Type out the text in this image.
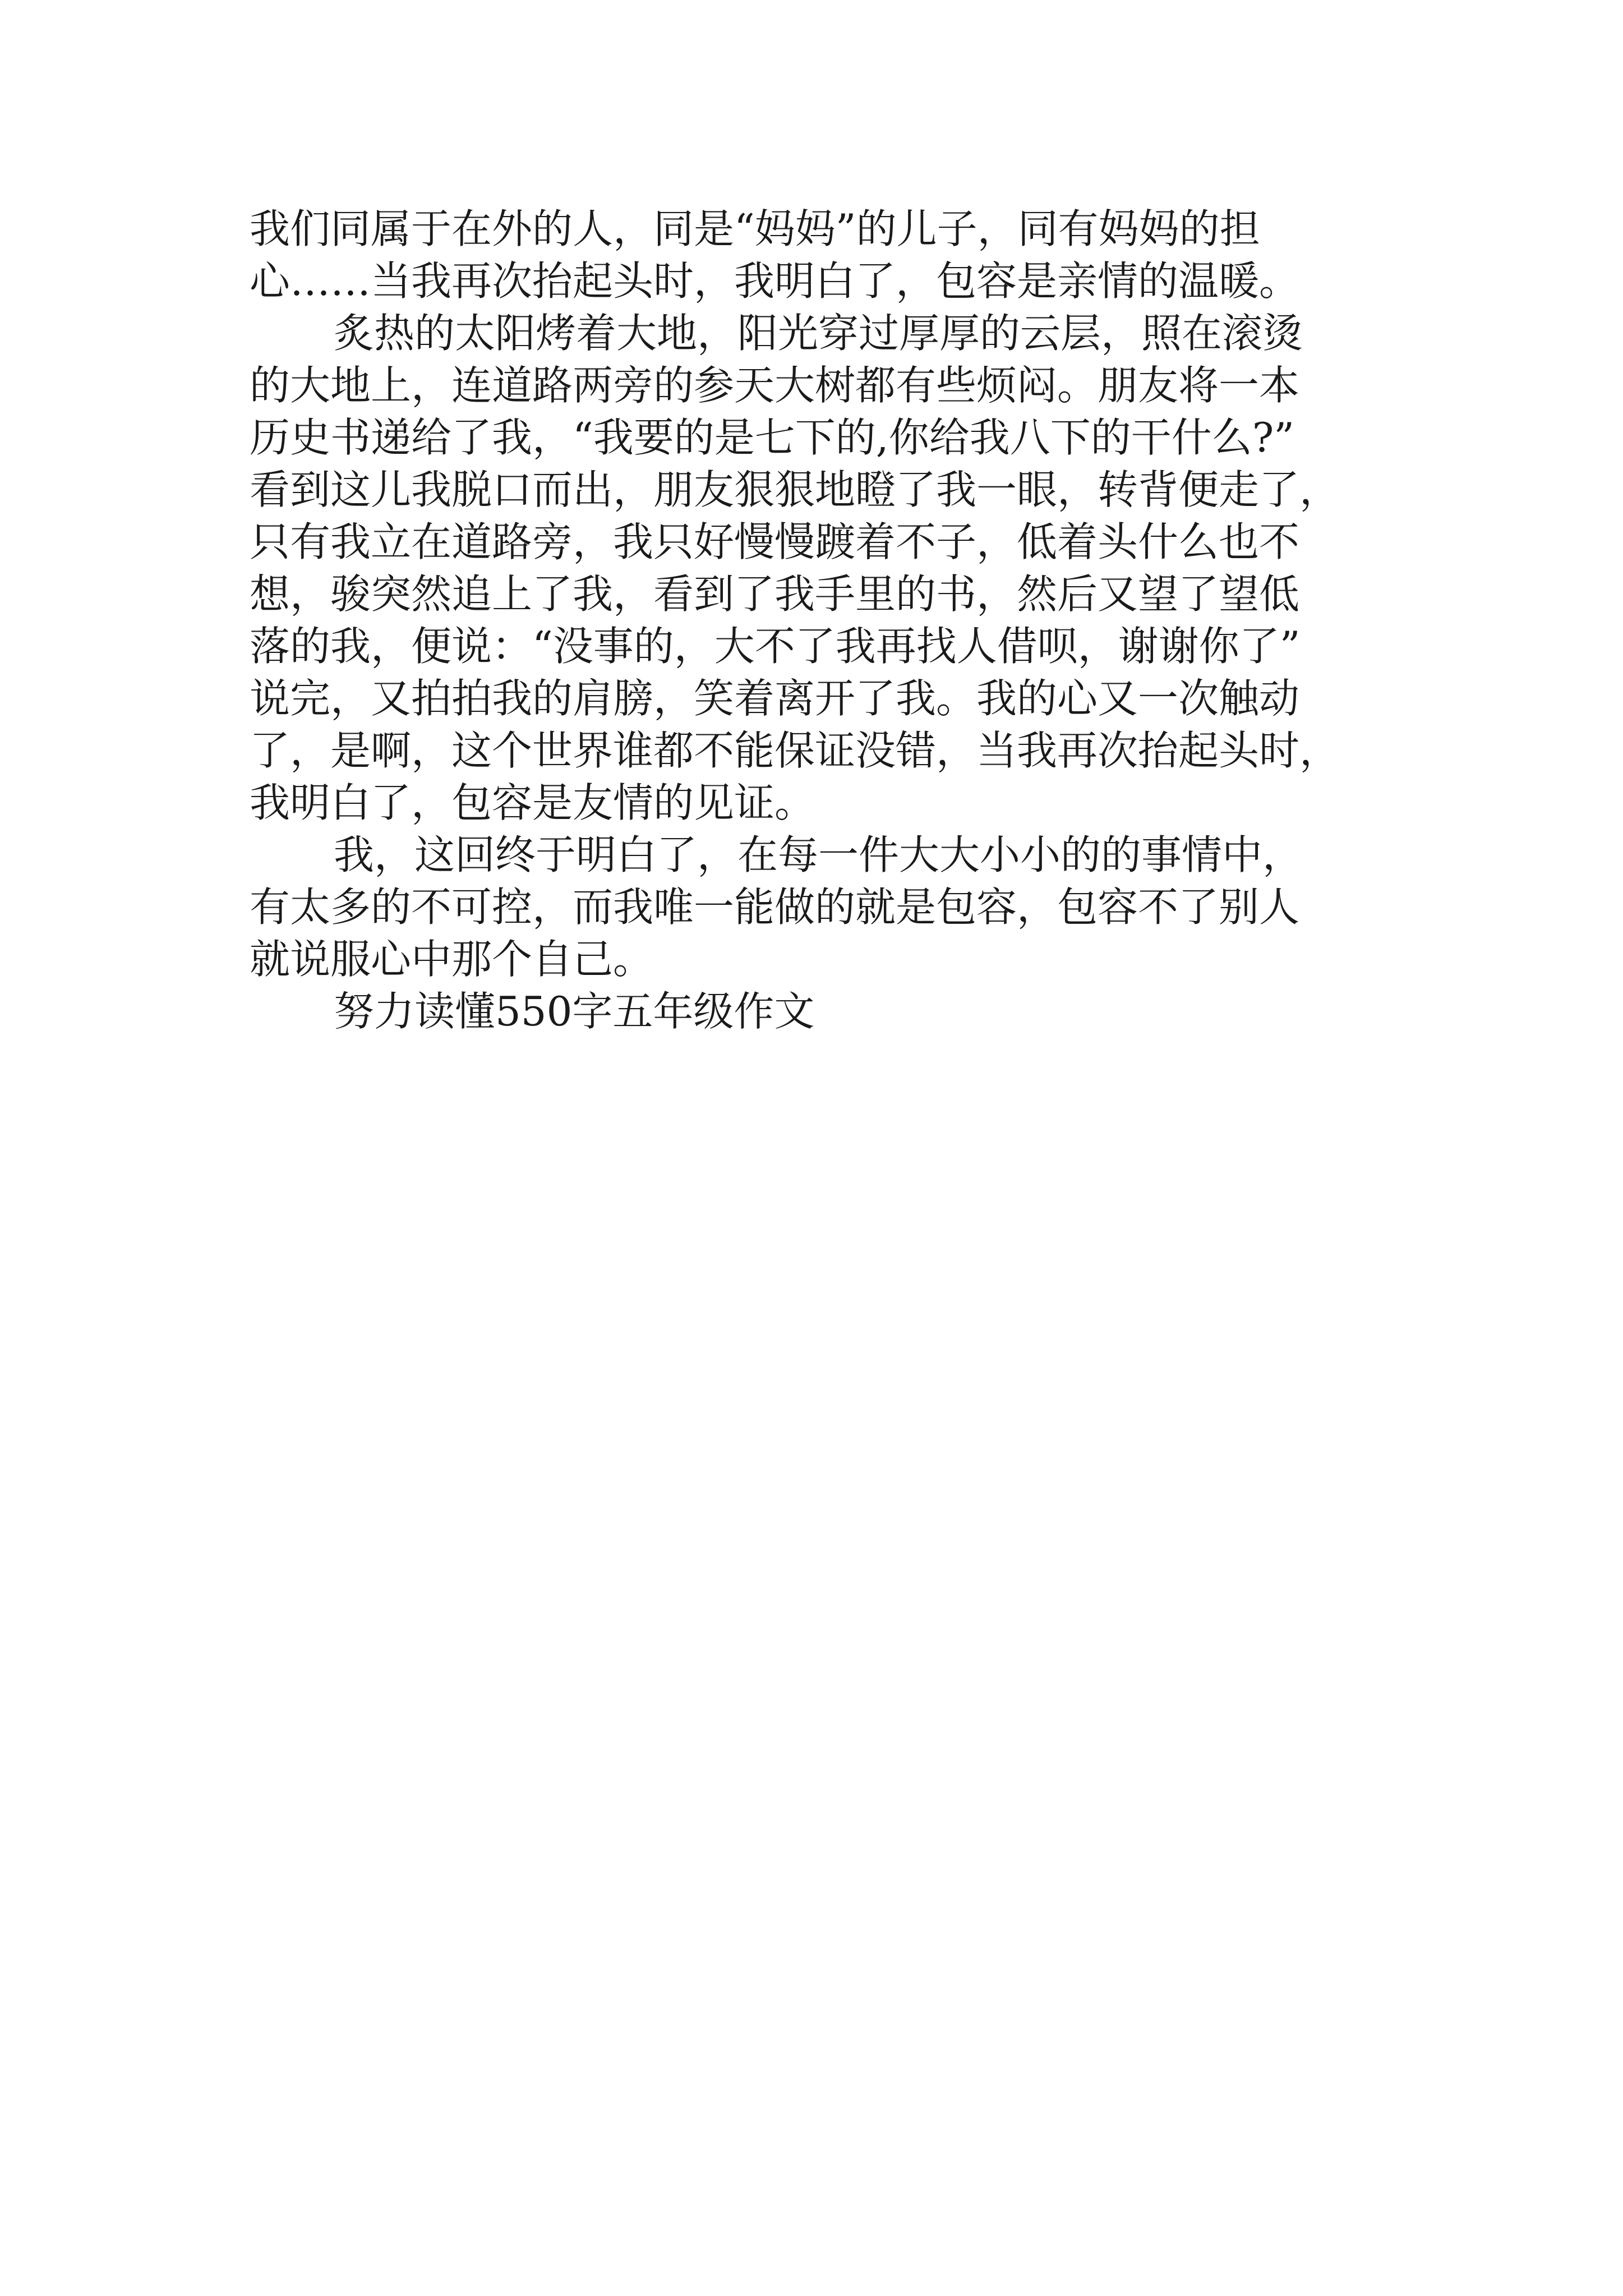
我们同属于在外的人，同是“妈妈”的儿子，同有妈妈的担
心……当我再次抬起头时，我明白了，包容是亲情的温暖。
炙热的太阳烤着大地，阳光穿过厚厚的云层，照在滚烫
的大地上，连道路两旁的参天大树都有些烦闷。朋友将一本
历史书递给了我，“我要的是七下的,你给我八下的干什么?”
看到这儿我脱口而出，朋友狠狠地瞪了我一眼，转背便走了，
只有我立在道路旁，我只好慢慢踱着不子，低着头什么也不
想，骏突然追上了我，看到了我手里的书，然后又望了望低
落的我，便说：“没事的，大不了我再找人借呗，谢谢你了”
说完，又拍拍我的肩膀，笑着离开了我。我的心又一次触动
了，是啊，这个世界谁都不能保证没错，当我再次抬起头时，
我明白了，包容是友情的见证。
我，这回终于明白了，在每一件大大小小的的事情中，
有太多的不可控，而我唯一能做的就是包容，包容不了别人
就说服心中那个自己。
努力读懂550字五年级作文
